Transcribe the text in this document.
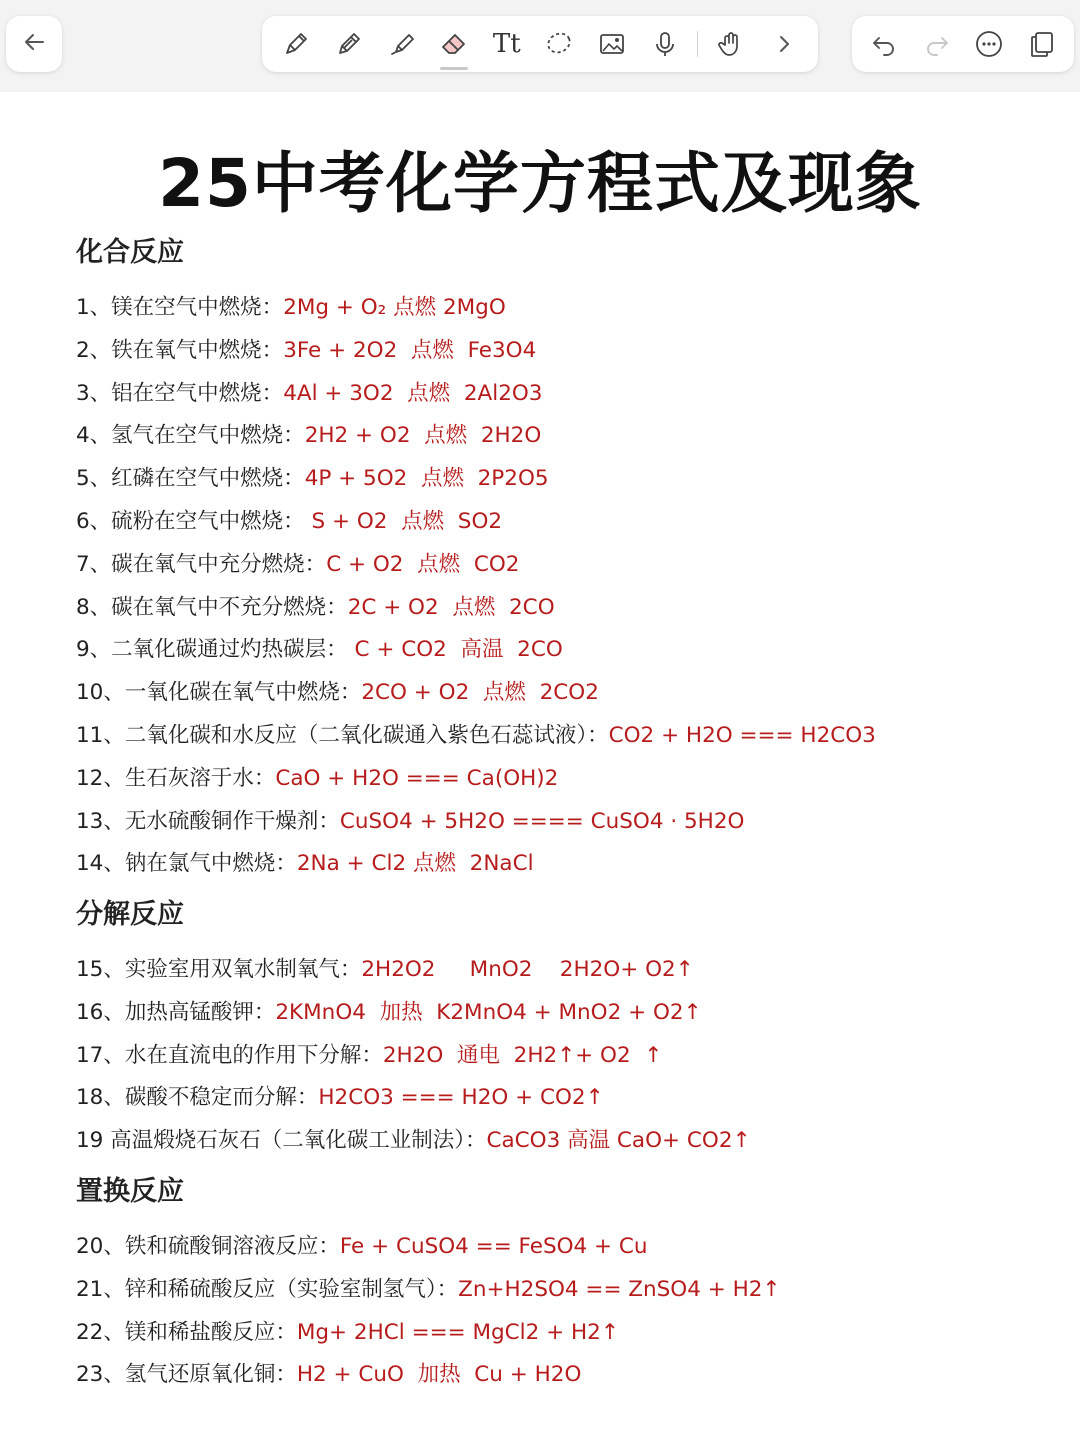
Tt
25中考化学方程式及现象
化合反应
1、镁在空气中燃烧：2Mg + O₂ 点燃 2MgO
2、铁在氧气中燃烧：3Fe + 2O2  点燃  Fe3O4
3、铝在空气中燃烧：4Al + 3O2  点燃  2Al2O3
4、氢气在空气中燃烧：2H2 + O2  点燃  2H2O
5、红磷在空气中燃烧：4P + 5O2  点燃  2P2O5
6、硫粉在空气中燃烧： S + O2  点燃  SO2
7、碳在氧气中充分燃烧：C + O2  点燃  CO2
8、碳在氧气中不充分燃烧：2C + O2  点燃  2CO
9、二氧化碳通过灼热碳层： C + CO2  高温  2CO
10、一氧化碳在氧气中燃烧：2CO + O2  点燃  2CO2
11、二氧化碳和水反应（二氧化碳通入紫色石蕊试液）：CO2 + H2O === H2CO3
12、生石灰溶于水：CaO + H2O === Ca(OH)2
13、无水硫酸铜作干燥剂：CuSO4 + 5H2O ==== CuSO4 · 5H2O
14、钠在氯气中燃烧：2Na + Cl2 点燃  2NaCl
分解反应
15、实验室用双氧水制氧气：2H2O2     MnO2    2H2O+ O2↑
16、加热高锰酸钾：2KMnO4  加热  K2MnO4 + MnO2 + O2↑
17、水在直流电的作用下分解：2H2O  通电  2H2↑+ O2  ↑
18、碳酸不稳定而分解：H2CO3 === H2O + CO2↑
19 高温煅烧石灰石（二氧化碳工业制法）：CaCO3 高温 CaO+ CO2↑
置换反应
20、铁和硫酸铜溶液反应：Fe + CuSO4 == FeSO4 + Cu
21、锌和稀硫酸反应（实验室制氢气）：Zn+H2SO4 == ZnSO4 + H2↑
22、镁和稀盐酸反应：Mg+ 2HCl === MgCl2 + H2↑
23、氢气还原氧化铜：H2 + CuO  加热  Cu + H2O
